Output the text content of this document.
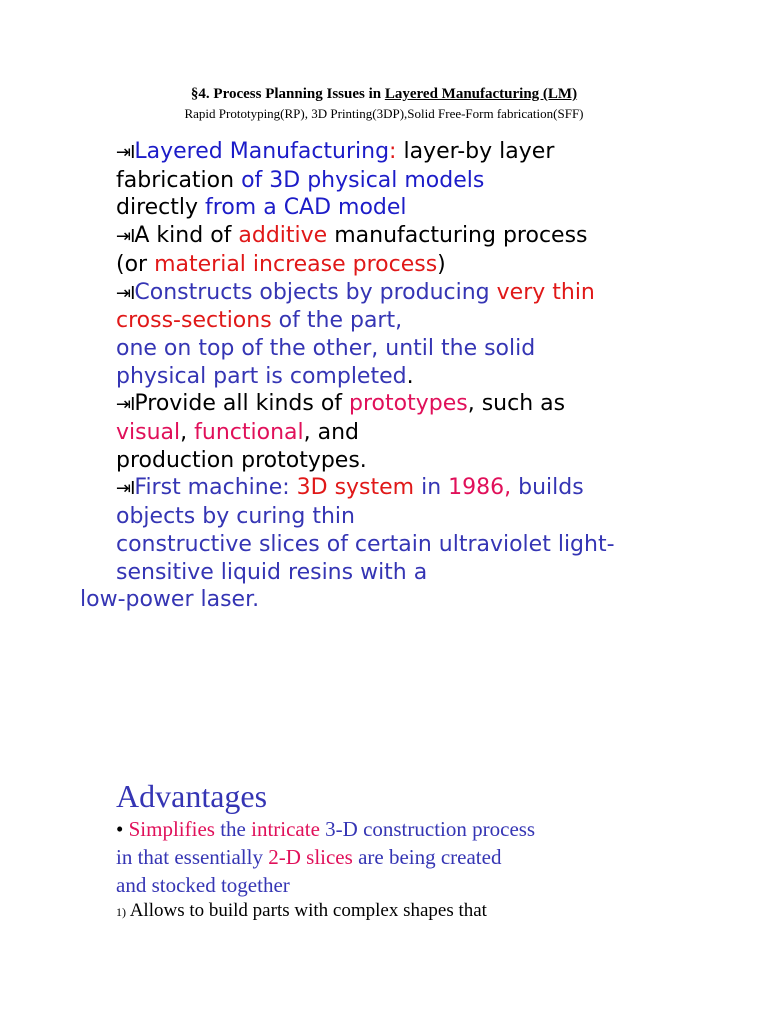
§4. Process Planning Issues in Layered Manufacturing (LM)
Rapid Prototyping(RP), 3D Printing(3DP),Solid Free-Form fabrication(SFF)
⇥ILayered Manufacturing: layer-by layer
fabrication of 3D physical models
directly from a CAD model
⇥IA kind of additive manufacturing process
(or material increase process)
⇥IConstructs objects by producing very thin
cross-sections of the part,
one on top of the other, until the solid
physical part is completed.
⇥IProvide all kinds of prototypes, such as
visual, functional, and
production prototypes.
⇥IFirst machine: 3D system in 1986, builds
objects by curing thin
constructive slices of certain ultraviolet light-
sensitive liquid resins with a
low-power laser.
Advantages
• Simplifies the intricate 3-D construction process
in that essentially 2-D slices are being created
and stocked together
1) Allows to build parts with complex shapes that
